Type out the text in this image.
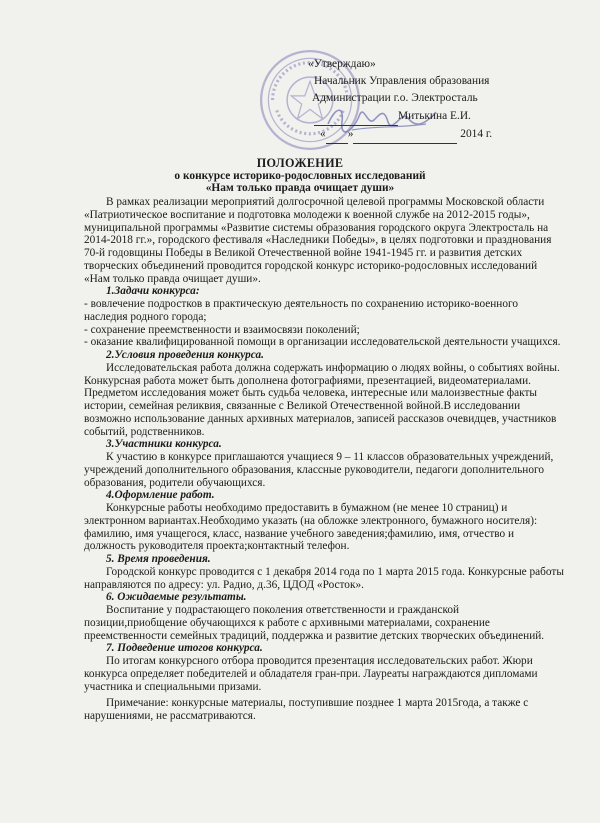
«Утверждаю»
Начальник Управления образования
Администрации г.о. Электросталь
Митькина Е.И.
« »	2014 г.
ПОЛОЖЕНИЕ
о конкурсе историко-родословных исследований
«Нам только правда очищает души»

В рамках реализации мероприятий долгосрочной целевой программы Московской области «Патриотическое воспитание и подготовка молодежи к военной службе на 2012-2015 годы», муниципальной программы «Развитие системы образования городского округа Электросталь на 2014-2018 гг.», городского фестиваля «Наследники Победы», в целях подготовки и празднования 70-й годовщины Победы в Великой Отечественной войне 1941-1945 гг. и развития детских творческих объединений проводится городской конкурс историко-родословных исследований «Нам только правда очищает души».

1.Задачи конкурса:

- вовлечение подростков в практическую деятельность по сохранению историко-военного наследия родного города;

- сохранение преемственности и взаимосвязи поколений;

- оказание квалифицированной помощи в организации исследовательской деятельности учащихся.

2.Условия проведения конкурса.

Исследовательская работа должна содержать информацию о людях войны, о событиях войны. Конкурсная работа может быть дополнена фотографиями, презентацией, видеоматериалами. Предметом исследования может быть судьба человека, интересные или малоизвестные факты истории, семейная реликвия, связанные с Великой Отечественной войной.В исследовании возможно использование данных архивных материалов, записей рассказов очевидцев, участников событий, родственников.

3.Участники конкурса.

К участию в конкурсе приглашаются учащиеся 9 – 11 классов образовательных учреждений, учреждений дополнительного образования, классные руководители, педагоги дополнительного образования, родители обучающихся.

4.Оформление работ.

Конкурсные работы необходимо предоставить в бумажном (не менее 10 страниц) и электронном вариантах.Необходимо указать (на обложке электронного, бумажного носителя): фамилию, имя учащегося, класс, название учебного заведения;фамилию, имя, отчество и должность руководителя проекта;контактный телефон.

5. Время проведения.

Городской конкурс проводится с 1 декабря 2014 года по 1 марта 2015 года. Конкурсные работы направляются по адресу: ул. Радио, д.36, ЦДОД «Росток».

6. Ожидаемые результаты.

Воспитание у подрастающего поколения ответственности и гражданской позиции,приобщение обучающихся к работе с архивными материалами, сохранение преемственности семейных традиций, поддержка и развитие детских творческих объединений.

7. Подведение итогов конкурса.

По итогам конкурсного отбора проводится презентация исследовательских работ. Жюри конкурса определяет победителей и обладателя гран-при. Лауреаты награждаются дипломами участника и специальными призами.

Примечание: конкурсные материалы, поступившие позднее 1 марта 2015года, а также с нарушениями, не рассматриваются.
